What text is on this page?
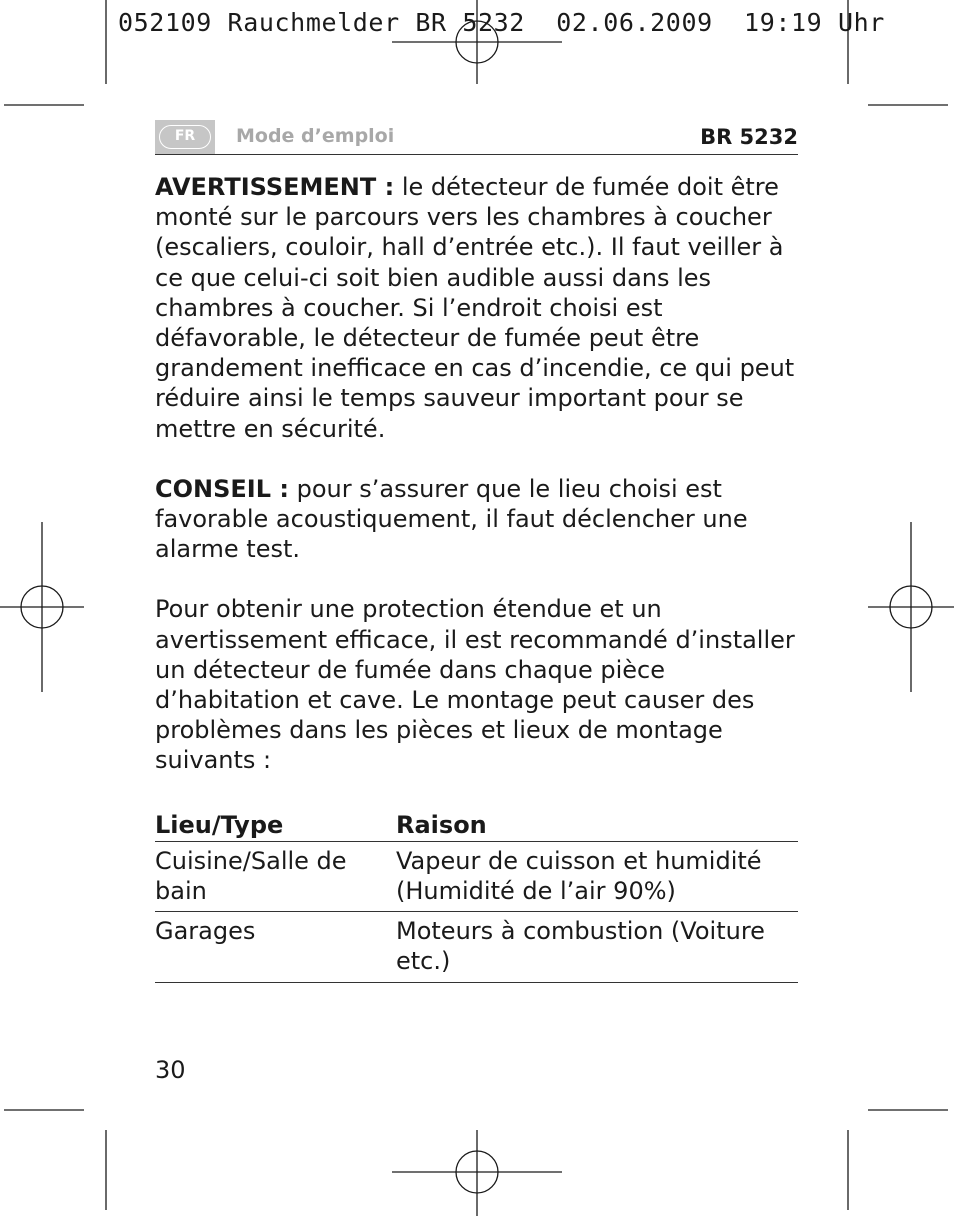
052109 Rauchmelder BR 5232  02.06.2009  19:19 Uhr
FR	Mode d’emploi	BR 5232

AVERTISSEMENT : le détecteur de fumée doit être monté sur le parcours vers les chambres à coucher (escaliers, couloir, hall d’entrée etc.). Il faut veiller à ce que celui-ci soit bien audible aussi dans les chambres à coucher. Si l’endroit choisi est défavorable, le détecteur de fumée peut être grandement inefficace en cas d’incendie, ce qui peut réduire ainsi le temps sauveur important pour se mettre en sécurité.

CONSEIL : pour s’assurer que le lieu choisi est favorable acoustiquement, il faut déclencher une alarme test.

Pour obtenir une protection étendue et un avertissement efficace, il est recommandé d’installer un détecteur de fumée dans chaque pièce d’habitation et cave. Le montage peut causer des problèmes dans les pièces et lieux de montage suivants :

Lieu/Type	Raison
Cuisine/Salle de bain	Vapeur de cuisson et humidité (Humidité de l’air 90%)
Garages	Moteurs à combustion (Voiture etc.)
30
